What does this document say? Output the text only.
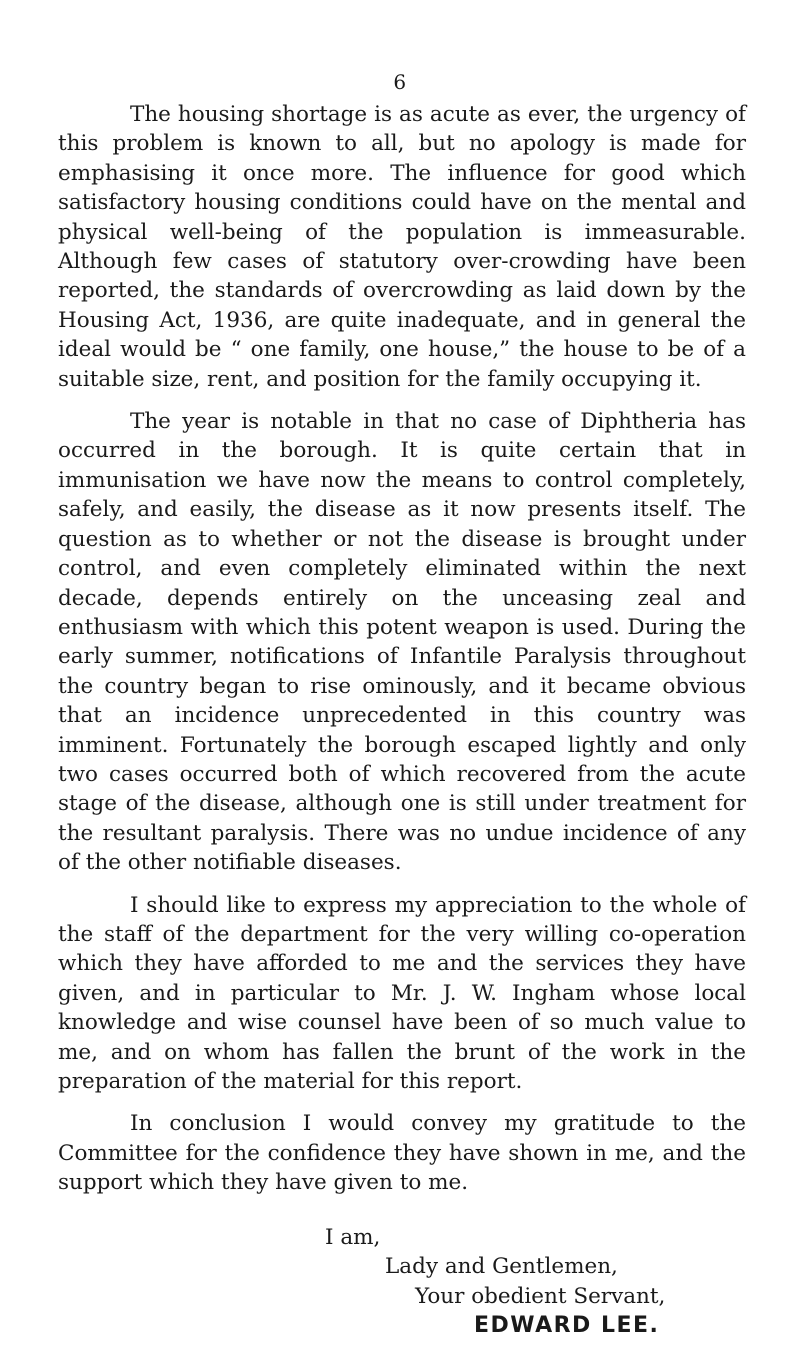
6

The housing shortage is as acute as ever, the urgency of this problem is known to all, but no apology is made for emphasising it once more. The influence for good which satisfactory housing conditions could have on the mental and physical well-being of the population is immeasurable. Although few cases of statutory over-crowding have been reported, the standards of overcrowding as laid down by the Housing Act, 1936, are quite inadequate, and in general the ideal would be “ one family, one house,” the house to be of a suitable size, rent, and position for the family occupying it.

The year is notable in that no case of Diphtheria has occurred in the borough. It is quite certain that in immunisation we have now the means to control completely, safely, and easily, the disease as it now presents itself. The question as to whether or not the disease is brought under control, and even completely eliminated within the next decade, depends entirely on the unceasing zeal and enthusiasm with which this potent weapon is used. During the early summer, notifications of Infantile Paralysis throughout the country began to rise ominously, and it became obvious that an incidence unprecedented in this country was imminent. Fortunately the borough escaped lightly and only two cases occurred both of which recovered from the acute stage of the disease, although one is still under treatment for the resultant paralysis. There was no undue incidence of any of the other notifiable diseases.

I should like to express my appreciation to the whole of the staff of the department for the very willing co-operation which they have afforded to me and the services they have given, and in particular to Mr. J. W. Ingham whose local knowledge and wise counsel have been of so much value to me, and on whom has fallen the brunt of the work in the preparation of the material for this report.

In conclusion I would convey my gratitude to the Committee for the confidence they have shown in me, and the support which they have given to me.

I am,

Lady and Gentlemen,

Your obedient Servant,

EDWARD LEE.
